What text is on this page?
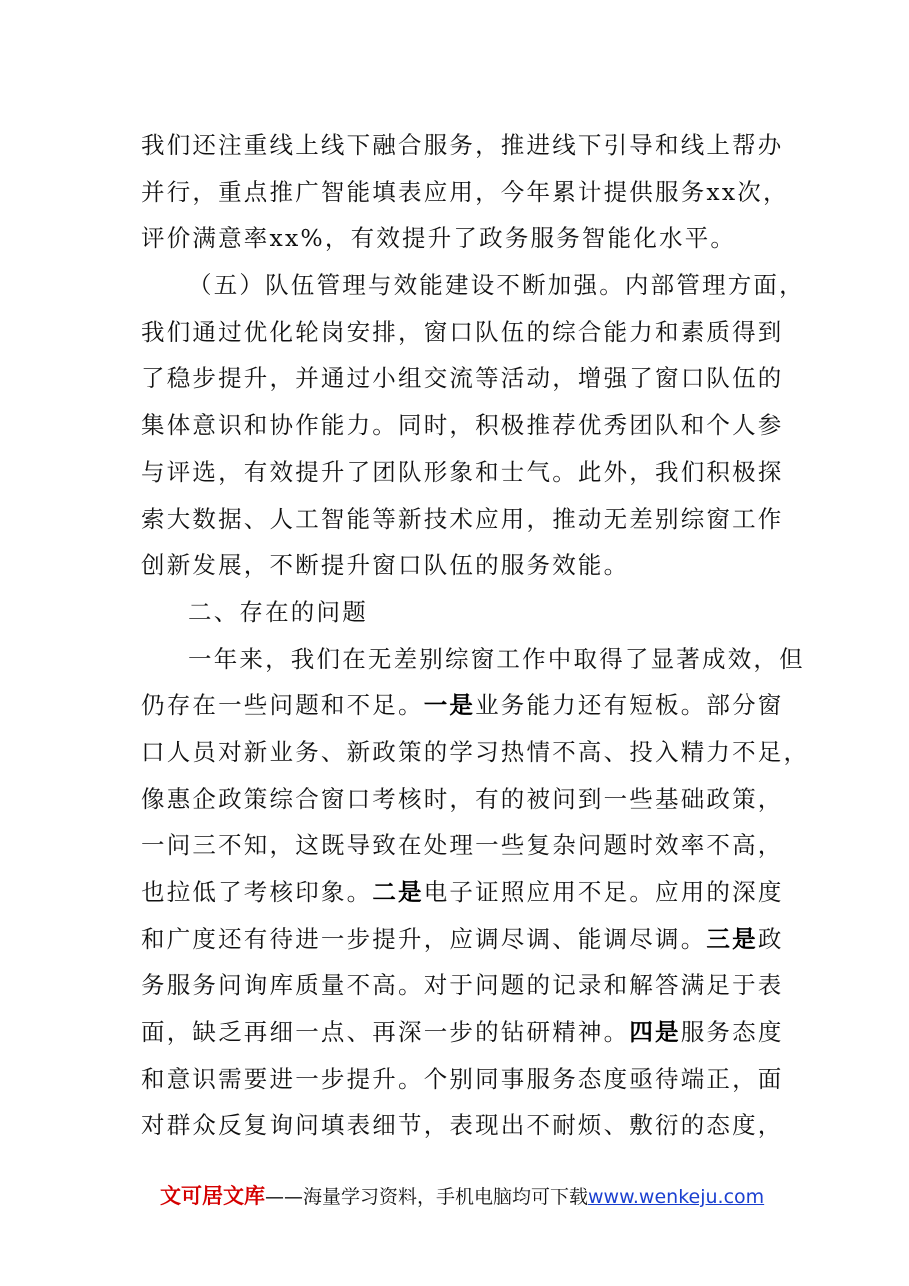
我们还注重线上线下融合服务，推进线下引导和线上帮办
并行，重点推广智能填表应用，今年累计提供服务xx次，
评价满意率xx%，有效提升了政务服务智能化水平。
（五）队伍管理与效能建设不断加强。内部管理方面，
我们通过优化轮岗安排，窗口队伍的综合能力和素质得到
了稳步提升，并通过小组交流等活动，增强了窗口队伍的
集体意识和协作能力。同时，积极推荐优秀团队和个人参
与评选，有效提升了团队形象和士气。此外，我们积极探
索大数据、人工智能等新技术应用，推动无差别综窗工作
创新发展，不断提升窗口队伍的服务效能。
二、存在的问题
一年来，我们在无差别综窗工作中取得了显著成效，但
仍存在一些问题和不足。一是业务能力还有短板。部分窗
口人员对新业务、新政策的学习热情不高、投入精力不足，
像惠企政策综合窗口考核时，有的被问到一些基础政策，
一问三不知，这既导致在处理一些复杂问题时效率不高，
也拉低了考核印象。二是电子证照应用不足。应用的深度
和广度还有待进一步提升，应调尽调、能调尽调。三是政
务服务问询库质量不高。对于问题的记录和解答满足于表
面，缺乏再细一点、再深一步的钻研精神。四是服务态度
和意识需要进一步提升。个别同事服务态度亟待端正，面
对群众反复询问填表细节，表现出不耐烦、敷衍的态度，
文可居文库——海量学习资料，手机电脑均可下载www.wenkeju.com
